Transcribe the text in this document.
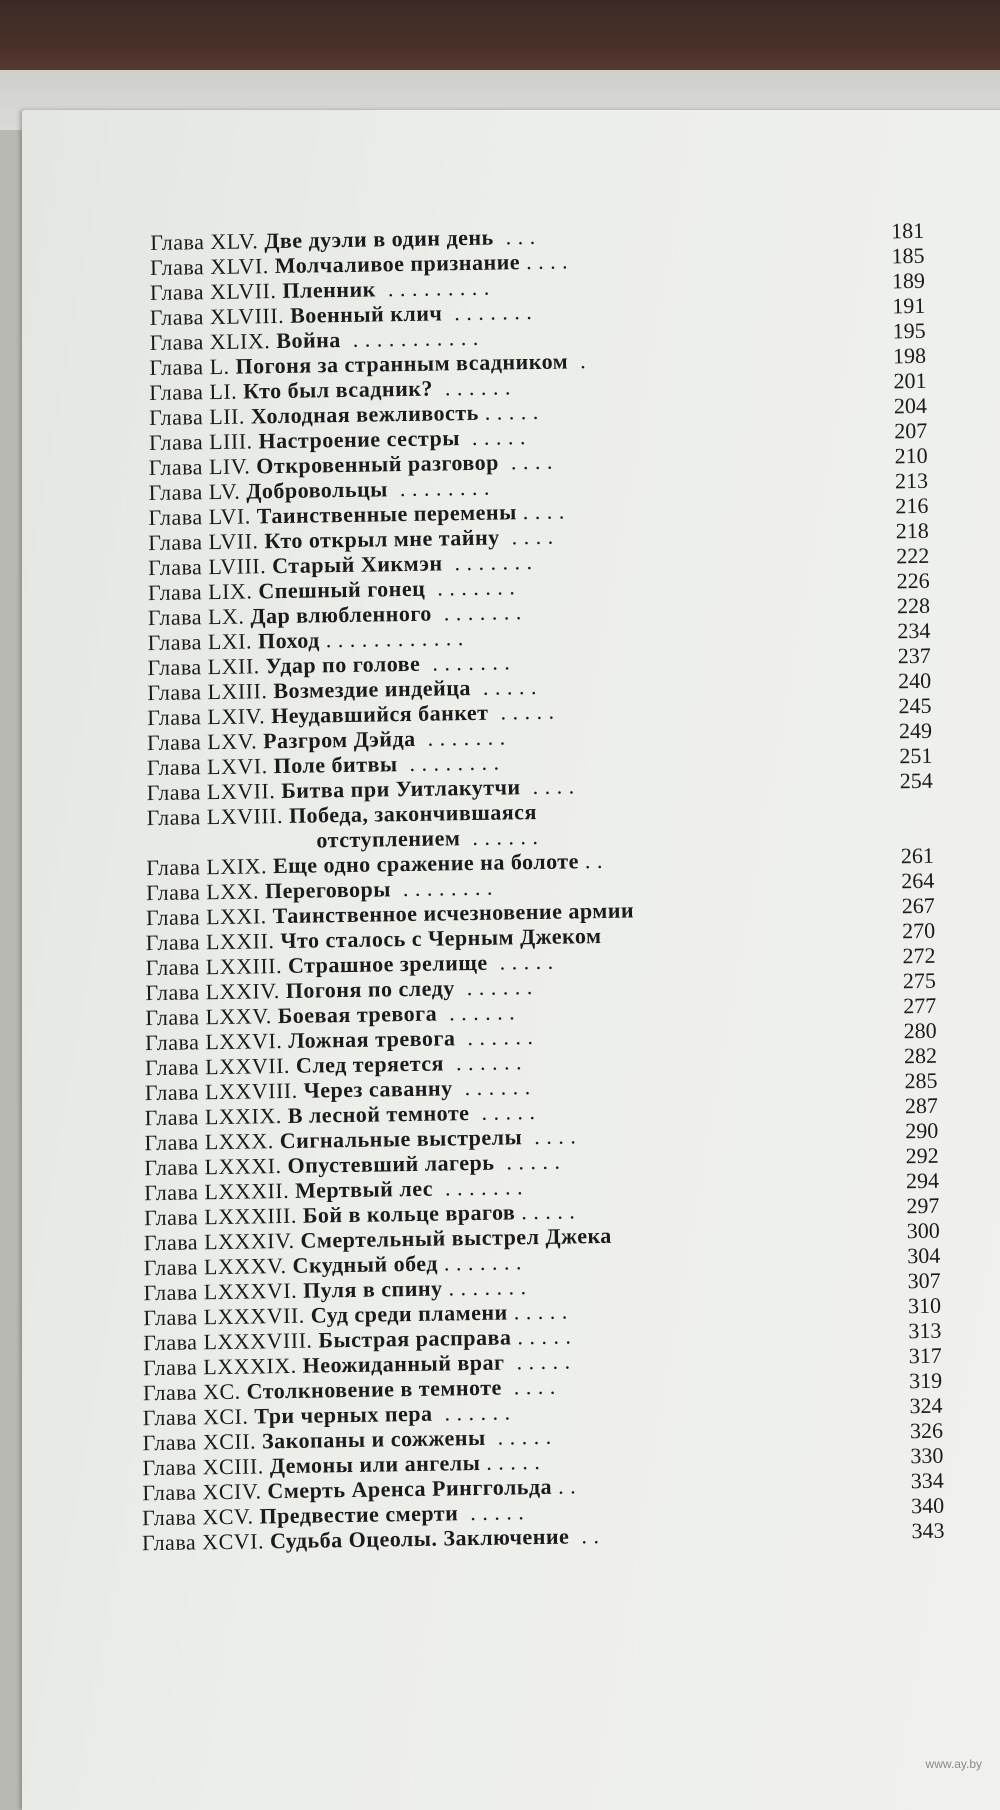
Глава XLV. Две дуэли в один день  . . .	181
Глава XLVI. Молчаливое признание . . . .	185
Глава XLVII. Пленник  . . . . . . . . .	189
Глава XLVIII. Военный клич  . . . . . . .	191
Глава XLIX. Война  . . . . . . . . . . .	195
Глава L. Погоня за странным всадником  .	198
Глава LI. Кто был всадник?  . . . . . .	201
Глава LII. Холодная вежливость . . . . .	204
Глава LIII. Настроение сестры  . . . . .	207
Глава LIV. Откровенный разговор  . . . .	210
Глава LV. Добровольцы  . . . . . . . .	213
Глава LVI. Таинственные перемены . . . .	216
Глава LVII. Кто открыл мне тайну  . . . .	218
Глава LVIII. Старый Хикмэн  . . . . . . .	222
Глава LIX. Спешный гонец  . . . . . . .	226
Глава LX. Дар влюбленного  . . . . . . .	228
Глава LXI. Поход . . . . . . . . . . . .	234
Глава LXII. Удар по голове  . . . . . . .	237
Глава LXIII. Возмездие индейца  . . . . .	240
Глава LXIV. Неудавшийся банкет  . . . . .	245
Глава LXV. Разгром Дэйда  . . . . . . .	249
Глава LXVI. Поле битвы  . . . . . . . .	251
Глава LXVII. Битва при Уитлакутчи  . . . .	254
Глава LXVIII. Победа, закончившаяся
отступлением  . . . . . .
Глава LXIX. Еще одно сражение на болоте . .	261
Глава LXX. Переговоры  . . . . . . . .	264
Глава LXXI. Таинственное исчезновение армии	267
Глава LXXII. Что сталось с Черным Джеком	270
Глава LXXIII. Страшное зрелище  . . . . .	272
Глава LXXIV. Погоня по следу  . . . . . .	275
Глава LXXV. Боевая тревога  . . . . . .	277
Глава LXXVI. Ложная тревога  . . . . . .	280
Глава LXXVII. След теряется  . . . . . .	282
Глава LXXVIII. Через саванну  . . . . . .	285
Глава LXXIX. В лесной темноте  . . . . .	287
Глава LXXX. Сигнальные выстрелы  . . . .	290
Глава LXXXI. Опустевший лагерь  . . . . .	292
Глава LXXXII. Мертвый лес  . . . . . . .	294
Глава LXXXIII. Бой в кольце врагов . . . . .	297
Глава LXXXIV. Смертельный выстрел Джека	300
Глава LXXXV. Скудный обед . . . . . . .	304
Глава LXXXVI. Пуля в спину . . . . . . .	307
Глава LXXXVII. Суд среди пламени . . . . .	310
Глава LXXXVIII. Быстрая расправа . . . . .	313
Глава LXXXIX. Неожиданный враг  . . . . .	317
Глава XC. Столкновение в темноте  . . . .	319
Глава XCI. Три черных пера  . . . . . .	324
Глава XCII. Закопаны и сожжены  . . . . .	326
Глава XCIII. Демоны или ангелы . . . . .	330
Глава XCIV. Смерть Аренса Ринггольда . .	334
Глава XCV. Предвестие смерти  . . . . .	340
Глава XCVI. Судьба Оцеолы. Заключение  . .	343
www.ay.by
